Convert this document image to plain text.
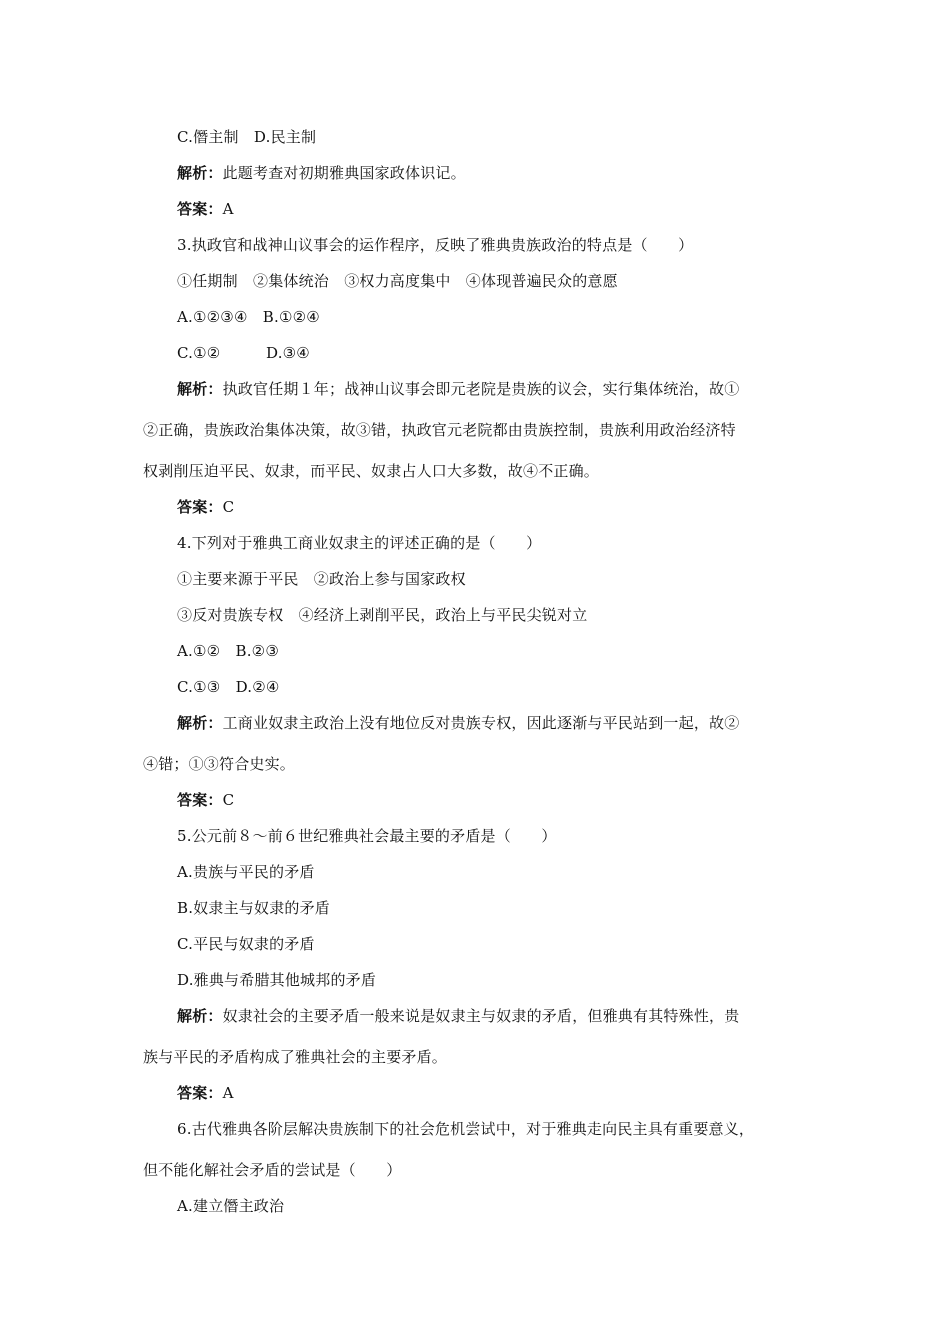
C.僭主制　D.民主制
解析：此题考查对初期雅典国家政体识记。
答案：A
3.执政官和战神山议事会的运作程序，反映了雅典贵族政治的特点是（　　）
①任期制　②集体统治　③权力高度集中　④体现普遍民众的意愿
A.①②③④　B.①②④
C.①②　　　D.③④
解析：执政官任期１年；战神山议事会即元老院是贵族的议会，实行集体统治，故①
②正确，贵族政治集体决策，故③错，执政官元老院都由贵族控制，贵族利用政治经济特
权剥削压迫平民、奴隶，而平民、奴隶占人口大多数，故④不正确。
答案：C
4.下列对于雅典工商业奴隶主的评述正确的是（　　）
①主要来源于平民　②政治上参与国家政权
③反对贵族专权　④经济上剥削平民，政治上与平民尖锐对立
A.①②　B.②③
C.①③　D.②④
解析：工商业奴隶主政治上没有地位反对贵族专权，因此逐渐与平民站到一起，故②
④错；①③符合史实。
答案：C
5.公元前８～前６世纪雅典社会最主要的矛盾是（　　）
A.贵族与平民的矛盾
B.奴隶主与奴隶的矛盾
C.平民与奴隶的矛盾
D.雅典与希腊其他城邦的矛盾
解析：奴隶社会的主要矛盾一般来说是奴隶主与奴隶的矛盾，但雅典有其特殊性，贵
族与平民的矛盾构成了雅典社会的主要矛盾。
答案：A
6.古代雅典各阶层解决贵族制下的社会危机尝试中，对于雅典走向民主具有重要意义，
但不能化解社会矛盾的尝试是（　　）
A.建立僭主政治
